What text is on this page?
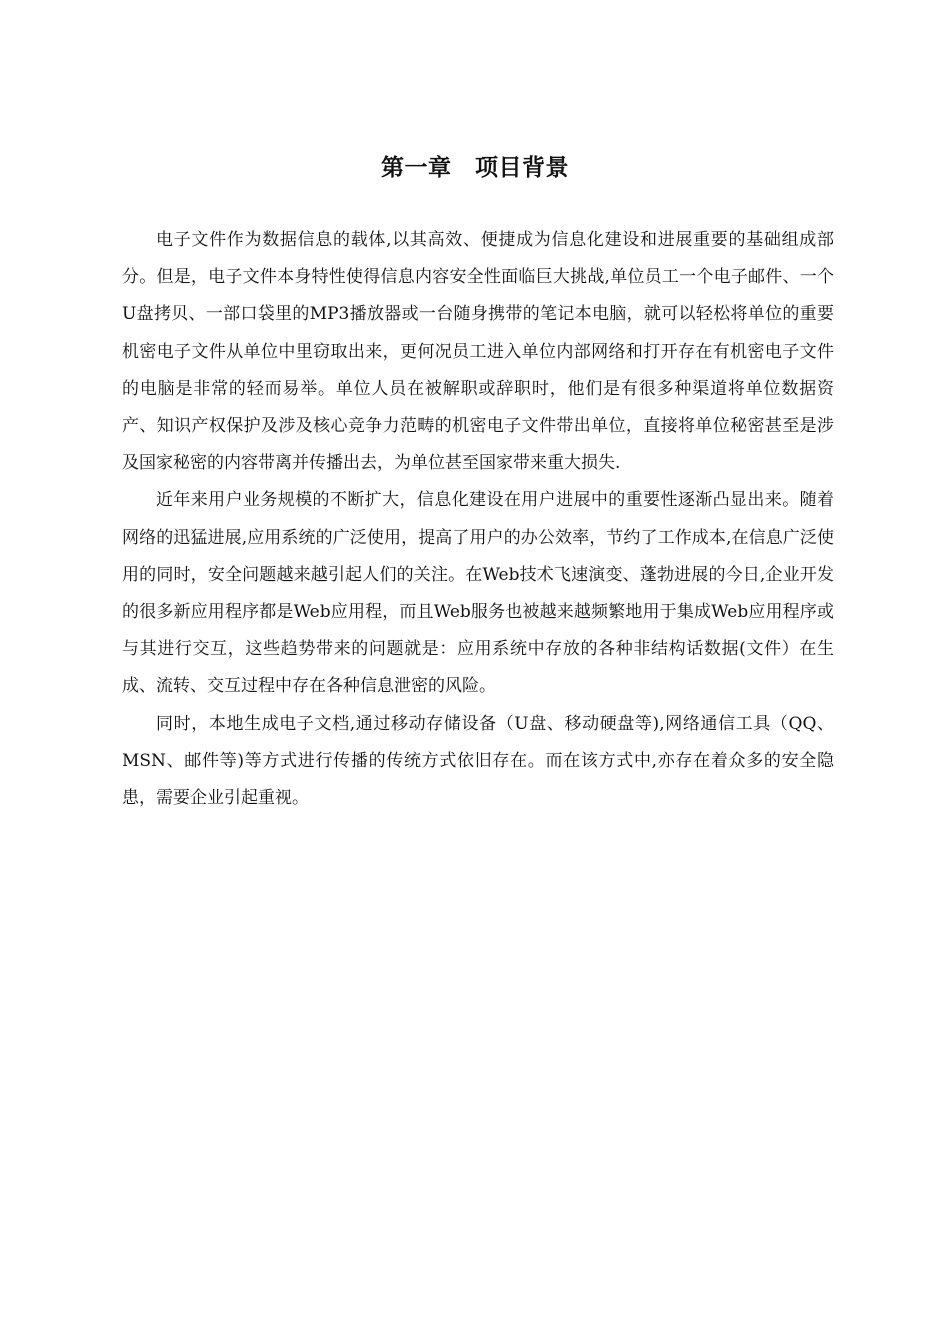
第一章　项目背景

电子文件作为数据信息的载体,以其高效、便捷成为信息化建设和进展重要的基础组成部分。但是，电子文件本身特性使得信息内容安全性面临巨大挑战,单位员工一个电子邮件、一个U盘拷贝、一部口袋里的MP3播放器或一台随身携带的笔记本电脑，就可以轻松将单位的重要机密电子文件从单位中里窃取出来，更何况员工进入单位内部网络和打开存在有机密电子文件的电脑是非常的轻而易举。单位人员在被解职或辞职时，他们是有很多种渠道将单位数据资产、知识产权保护及涉及核心竞争力范畴的机密电子文件带出单位，直接将单位秘密甚至是涉及国家秘密的内容带离并传播出去，为单位甚至国家带来重大损失.

近年来用户业务规模的不断扩大，信息化建设在用户进展中的重要性逐渐凸显出来。随着网络的迅猛进展,应用系统的广泛使用，提高了用户的办公效率，节约了工作成本,在信息广泛使用的同时，安全问题越来越引起人们的关注。在Web技术飞速演变、蓬勃进展的今日,企业开发的很多新应用程序都是Web应用程，而且Web服务也被越来越频繁地用于集成Web应用程序或与其进行交互，这些趋势带来的问题就是：应用系统中存放的各种非结构话数据(文件）在生成、流转、交互过程中存在各种信息泄密的风险。

同时，本地生成电子文档,通过移动存储设备（U盘、移动硬盘等),网络通信工具（QQ、MSN、邮件等)等方式进行传播的传统方式依旧存在。而在该方式中,亦存在着众多的安全隐患，需要企业引起重视。
